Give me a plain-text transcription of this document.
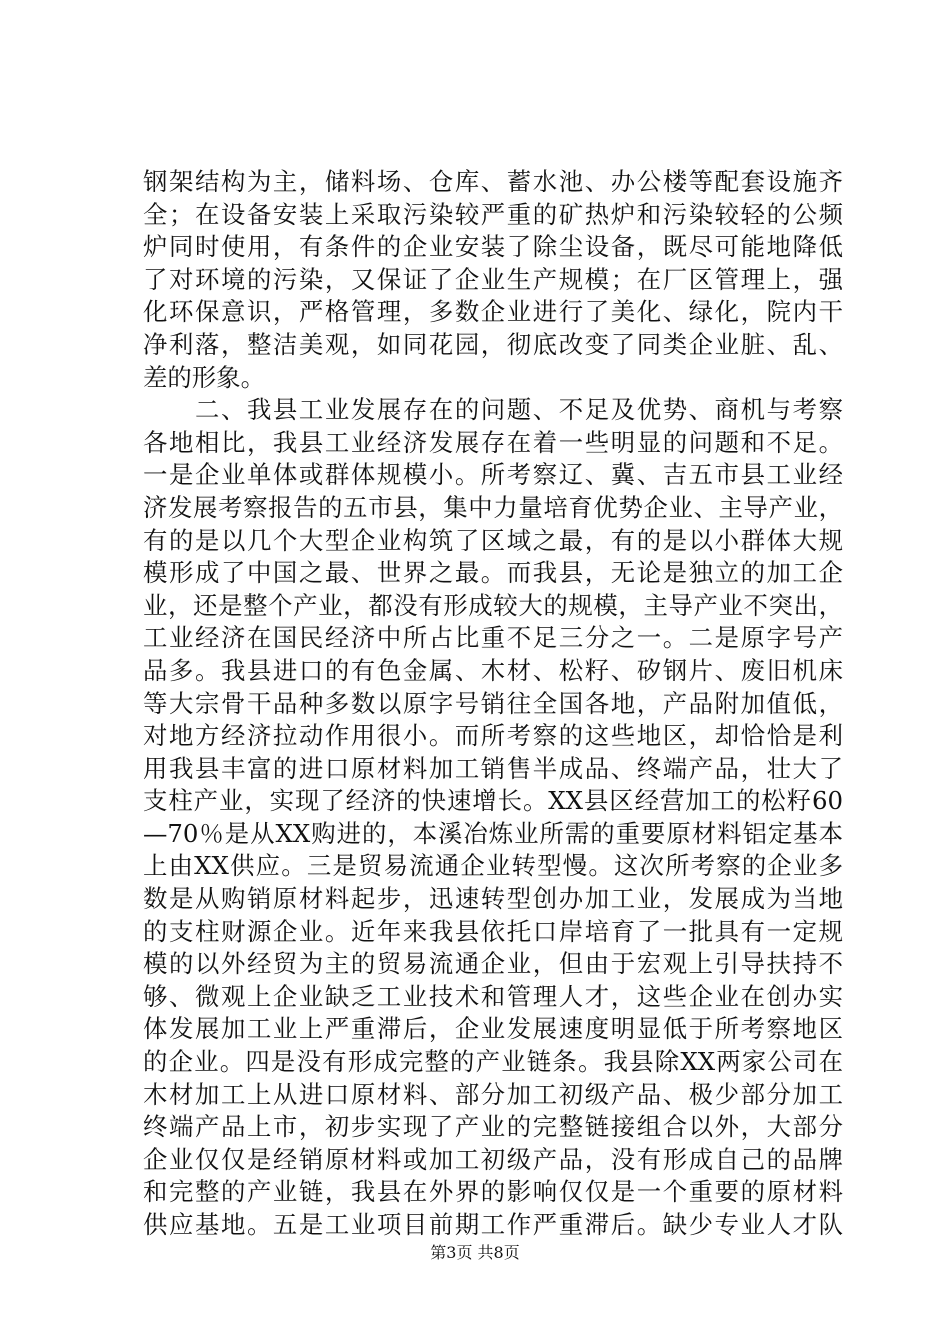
钢架结构为主，储料场、仓库、蓄水池、办公楼等配套设施齐
全；在设备安装上采取污染较严重的矿热炉和污染较轻的公频
炉同时使用，有条件的企业安装了除尘设备，既尽可能地降低
了对环境的污染，又保证了企业生产规模；在厂区管理上，强
化环保意识，严格管理，多数企业进行了美化、绿化，院内干
净利落，整洁美观，如同花园，彻底改变了同类企业脏、乱、
差的形象。
　　二、我县工业发展存在的问题、不足及优势、商机与考察
各地相比，我县工业经济发展存在着一些明显的问题和不足。
一是企业单体或群体规模小。所考察辽、冀、吉五市县工业经
济发展考察报告的五市县，集中力量培育优势企业、主导产业，
有的是以几个大型企业构筑了区域之最，有的是以小群体大规
模形成了中国之最、世界之最。而我县，无论是独立的加工企
业，还是整个产业，都没有形成较大的规模，主导产业不突出，
工业经济在国民经济中所占比重不足三分之一。二是原字号产
品多。我县进口的有色金属、木材、松籽、矽钢片、废旧机床
等大宗骨干品种多数以原字号销往全国各地，产品附加值低，
对地方经济拉动作用很小。而所考察的这些地区，却恰恰是利
用我县丰富的进口原材料加工销售半成品、终端产品，壮大了
支柱产业，实现了经济的快速增长。XX县区经营加工的松籽60
—70％是从XX购进的，本溪冶炼业所需的重要原材料铝定基本
上由XX供应。三是贸易流通企业转型慢。这次所考察的企业多
数是从购销原材料起步，迅速转型创办加工业，发展成为当地
的支柱财源企业。近年来我县依托口岸培育了一批具有一定规
模的以外经贸为主的贸易流通企业，但由于宏观上引导扶持不
够、微观上企业缺乏工业技术和管理人才，这些企业在创办实
体发展加工业上严重滞后，企业发展速度明显低于所考察地区
的企业。四是没有形成完整的产业链条。我县除XX两家公司在
木材加工上从进口原材料、部分加工初级产品、极少部分加工
终端产品上市，初步实现了产业的完整链接组合以外，大部分
企业仅仅是经销原材料或加工初级产品，没有形成自己的品牌
和完整的产业链，我县在外界的影响仅仅是一个重要的原材料
供应基地。五是工业项目前期工作严重滞后。缺少专业人才队
第3页 共8页
